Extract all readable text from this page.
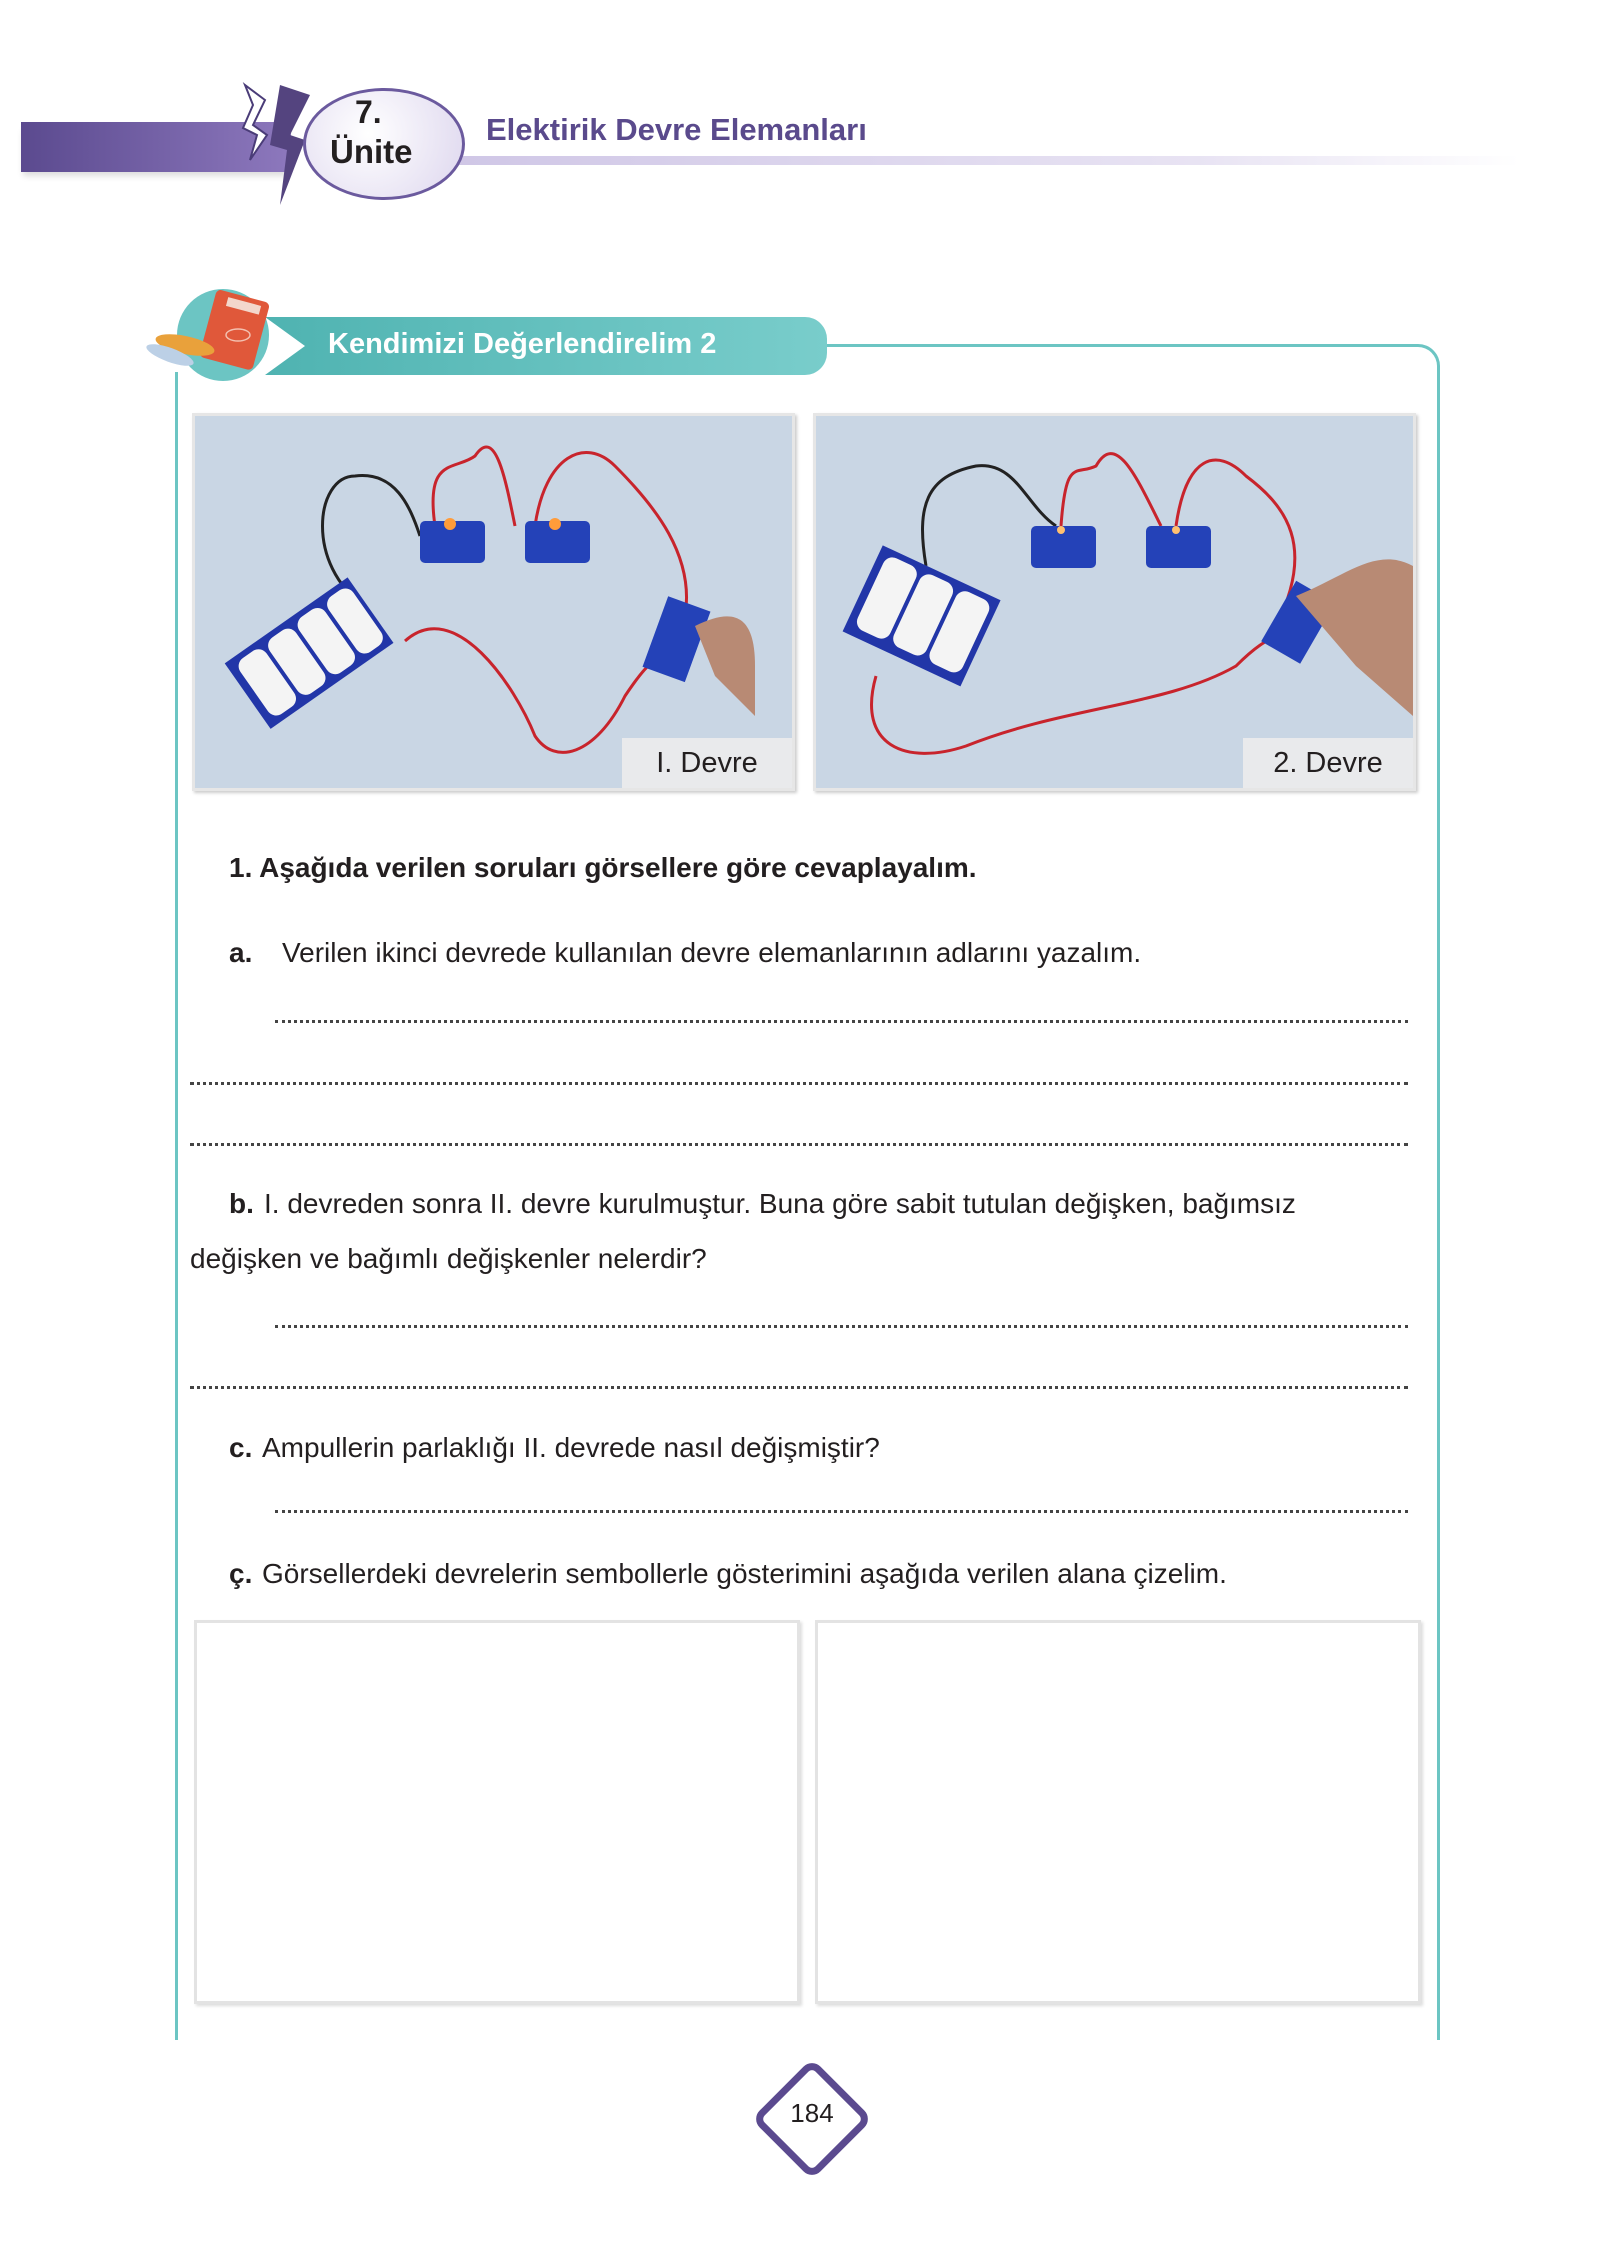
7.
Ünite
Elektirik Devre Elemanları
Kendimizi Değerlendirelim 2
I. Devre	2. Devre
1. Aşağıda verilen soruları görsellere göre cevaplayalım.
a. Verilen ikinci devrede kullanılan devre elemanlarının adlarını yazalım.
b. I. devreden sonra II. devre kurulmuştur. Buna göre sabit tutulan değişken, bağımsız
değişken ve bağımlı değişkenler nelerdir?
c. Ampullerin parlaklığı II. devrede nasıl değişmiştir?
ç. Görsellerdeki devrelerin sembollerle gösterimini aşağıda verilen alana çizelim.
184
